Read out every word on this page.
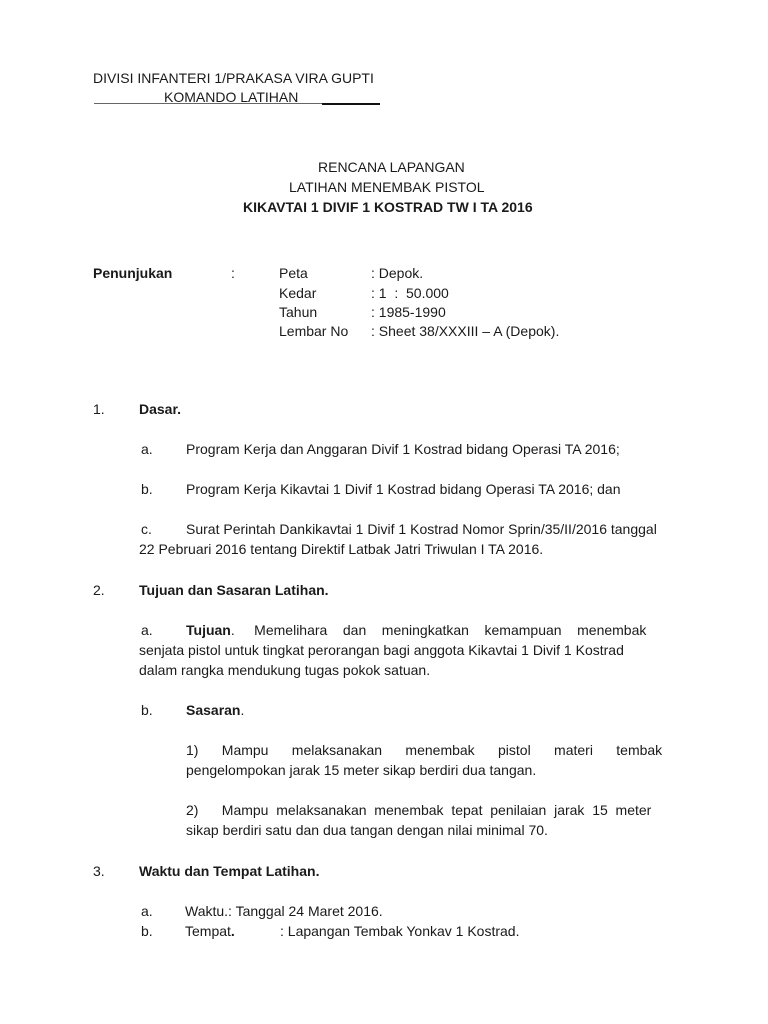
DIVISI INFANTERI 1/PRAKASA VIRA GUPTI
KOMANDO LATIHAN
RENCANA LAPANGAN
LATIHAN MENEMBAK PISTOL
KIKAVTAI 1 DIVIF 1 KOSTRAD TW I TA 2016
Penunjukan	:	Peta	: Depok.
Kedar	: 1  :  50.000
Tahun	: 1985-1990
Lembar No : Sheet 38/XXXIII – A (Depok).
1. Dasar.
a. Program Kerja dan Anggaran Divif 1 Kostrad bidang Operasi TA 2016;
b. Program Kerja Kikavtai 1 Divif 1 Kostrad bidang Operasi TA 2016; dan
c. Surat Perintah Dankikavtai 1 Divif 1 Kostrad Nomor Sprin/35/II/2016 tanggal
22 Pebruari 2016 tentang Direktif Latbak Jatri Triwulan I TA 2016.
2. Tujuan dan Sasaran Latihan.
a. Tujuan.     Memelihara    dan    meningkatkan    kemampuan    menembak
senjata pistol untuk tingkat perorangan bagi anggota Kikavtai 1 Divif 1 Kostrad
dalam rangka mendukung tugas pokok satuan.
b. Sasaran.
1)      Mampu      melaksanakan      menembak      pistol      materi      tembak
pengelompokan jarak 15 meter sikap berdiri dua tangan.
2)      Mampu  melaksanakan  menembak  tepat  penilaian  jarak  15  meter
sikap berdiri satu dan dua tangan dengan nilai minimal 70.
3. Waktu dan Tempat Latihan.
a. Waktu.: Tanggal 24 Maret 2016.
b. Tempat.	: Lapangan Tembak Yonkav 1 Kostrad.
